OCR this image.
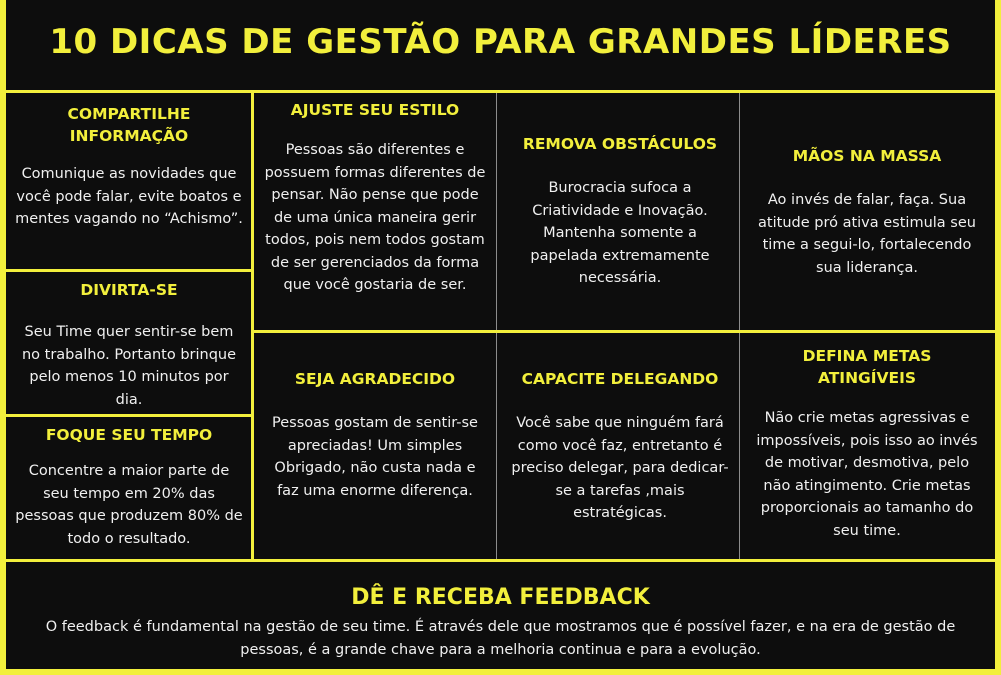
10 DICAS DE GESTÃO PARA GRANDES LÍDERES
COMPARTILHE
INFORMAÇÃO
Comunique as novidades que você pode falar, evite boatos e mentes vagando no “Achismo”.
DIVIRTA-SE
Seu Time quer sentir-se bem no trabalho. Portanto brinque pelo menos 10 minutos por dia.
FOQUE SEU TEMPO
Concentre a maior parte de seu tempo em 20% das pessoas que produzem 80% de todo o resultado.
AJUSTE SEU ESTILO
Pessoas são diferentes e possuem formas diferentes de pensar. Não pense que pode de uma única maneira gerir todos, pois nem todos gostam de ser gerenciados da forma que você gostaria de ser.
REMOVA OBSTÁCULOS
Burocracia sufoca a Criatividade e Inovação. Mantenha somente a papelada extremamente necessária.
MÃOS NA MASSA
Ao invés de falar, faça. Sua atitude pró ativa estimula seu time a segui-lo, fortalecendo sua liderança.
SEJA AGRADECIDO
Pessoas gostam de sentir-se apreciadas! Um simples Obrigado, não custa nada e faz uma enorme diferença.
CAPACITE DELEGANDO
Você sabe que ninguém fará como você faz, entretanto é preciso delegar, para dedicar-se a tarefas ,mais estratégicas.
DEFINA METAS
ATINGÍVEIS
Não crie metas agressivas e impossíveis, pois isso ao invés de motivar, desmotiva, pelo não atingimento. Crie metas proporcionais ao tamanho do seu time.
DÊ E RECEBA FEEDBACK
O feedback é fundamental na gestão de seu time. É através dele que mostramos que é possível fazer, e na era de gestão de pessoas, é a grande chave para a melhoria continua e para a evolução.
